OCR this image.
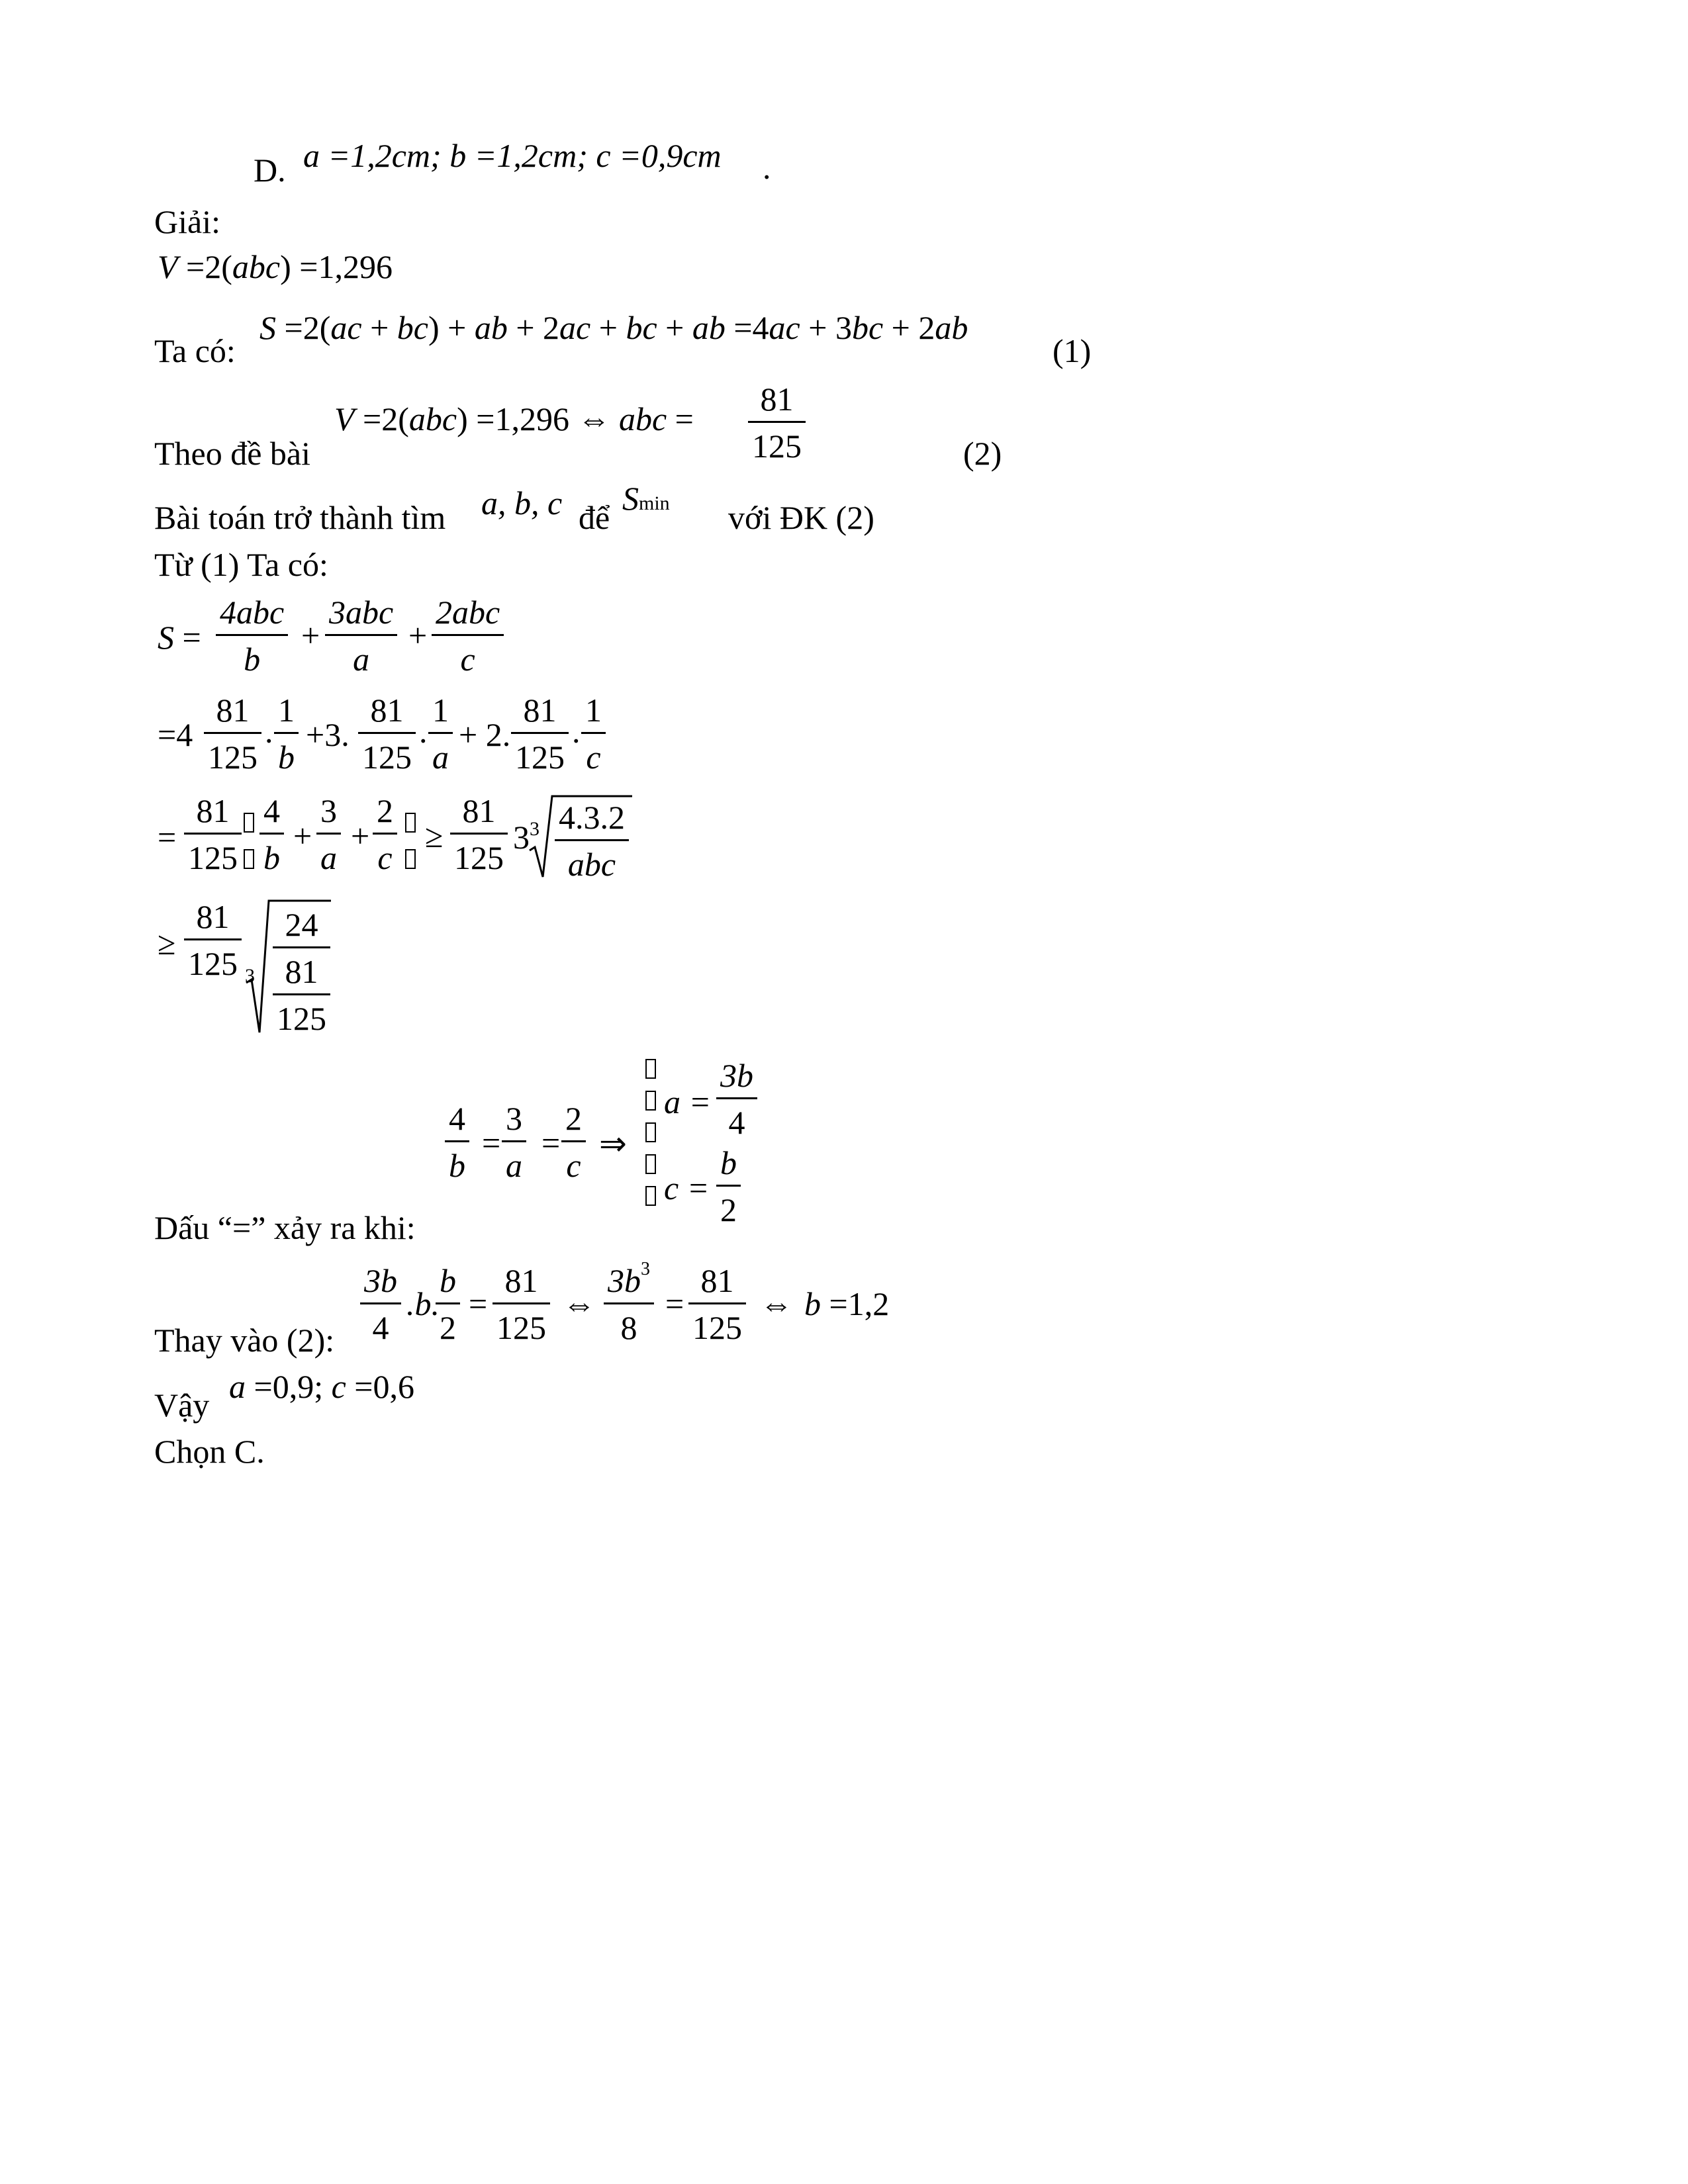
D. a =1,2cm; b =1,2cm; c =0,9cm .
Giải:
V =2(abc) =1,296
Ta có:
S =2(ac + bc) + ab + 2ac + bc + ab =4ac + 3bc + 2ab
(1)
Theo đề bài
V =2(abc) =1,296 ⇔ abc =
81
125	(2)
Bài toán trở thành tìm a, b, c để
Smin với ĐK (2)
Từ (1) Ta có:
S =
4abc
b
+
3abc
a
+
2abc
c
=4
81
125
.
1
b
+3.
81
125
.
1
a
+ 2.
81
125
.
1
c
=
81
125

4
b
+
3
a
+
2
c

≥
81
125
3 3 4.3.2
abc
≥
81
125 3
24
81
125
4
b
=
3
a
=
2
c
⇒
a =
3b
4
c =
b
2
Dấu “=” xảy ra khi:
Thay vào (2):
3b
4
.b.
b
2
=
81
125
⇔
$3b^3$
8
=
81
125
⇔ b =1,2
Vậy a =0,9; c =0,6
Chọn C.
